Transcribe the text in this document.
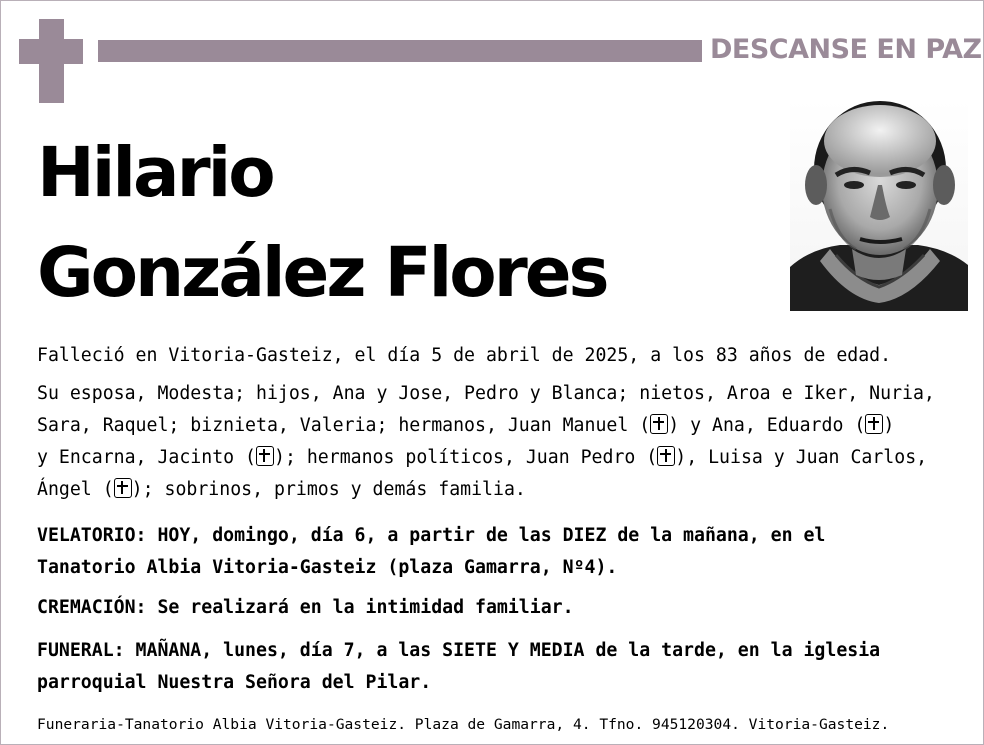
DESCANSE EN PAZ
Hilario
González Flores
Falleció en Vitoria-Gasteiz, el día 5 de abril de 2025, a los 83 años de edad.
Su esposa, Modesta; hijos, Ana y Jose, Pedro y Blanca; nietos, Aroa e Iker, Nuria,
Sara, Raquel; biznieta, Valeria; hermanos, Juan Manuel ( ) y Ana, Eduardo ( )
y Encarna, Jacinto ( ); hermanos políticos, Juan Pedro ( ), Luisa y Juan Carlos,
Ángel ( ); sobrinos, primos y demás familia.
VELATORIO: HOY, domingo, día 6, a partir de las DIEZ de la mañana, en el
Tanatorio Albia Vitoria-Gasteiz (plaza Gamarra, Nº4).
CREMACIÓN: Se realizará en la intimidad familiar.
FUNERAL: MAÑANA, lunes, día 7, a las SIETE Y MEDIA de la tarde, en la iglesia
parroquial Nuestra Señora del Pilar.
Funeraria-Tanatorio Albia Vitoria-Gasteiz. Plaza de Gamarra, 4. Tfno. 945120304. Vitoria-Gasteiz.
